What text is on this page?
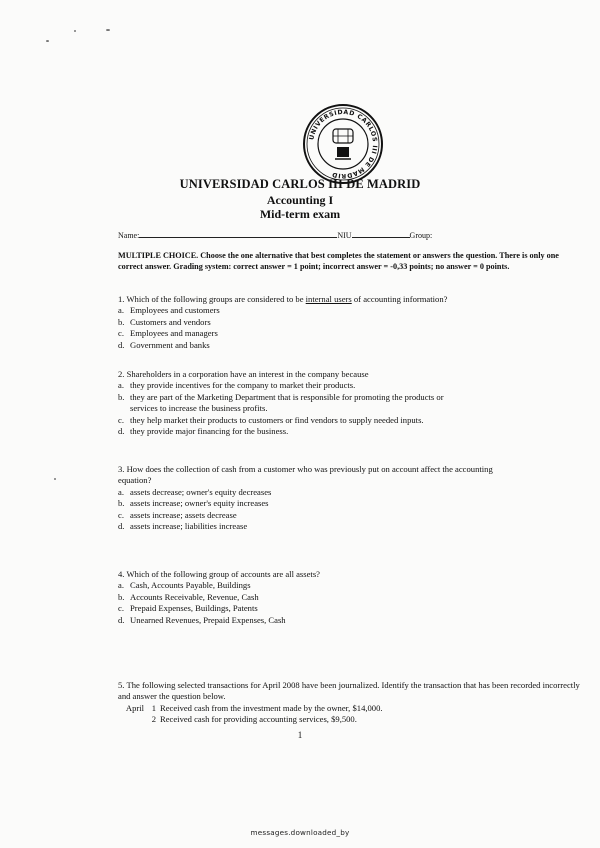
UNIVERSIDAD CARLOS III DE MADRID
UNIVERSIDAD CARLOS III DE MADRID
Accounting I
Mid-term exam
Name:	NIU	Group:
MULTIPLE CHOICE. Choose the one alternative that best completes the statement or answers the question. There is only one correct answer. Grading system: correct answer = 1 point; incorrect answer = -0,33 points; no answer = 0 points.

1. Which of the following groups are considered to be internal users of accounting information?

a. Employees and customers
b. Customers and vendors
c. Employees and managers
d. Government and banks

2. Shareholders in a corporation have an interest in the company because

a. they provide incentives for the company to market their products.
b. they are part of the Marketing Department that is responsible for promoting the products or services to increase the business profits.
c. they help market their products to customers or find vendors to supply needed inputs.
d. they provide major financing for the business.

3. How does the collection of cash from a customer who was previously put on account affect the accounting equation?

a. assets decrease; owner's equity decreases
b. assets increase; owner's equity increases
c. assets increase; assets decrease
d. assets increase; liabilities increase

4. Which of the following group of accounts are all assets?

a. Cash, Accounts Payable, Buildings
b. Accounts Receivable, Revenue, Cash
c. Prepaid Expenses, Buildings, Patents
d. Unearned Revenues, Prepaid Expenses, Cash

5. The following selected transactions for April 2008 have been journalized. Identify the transaction that has been recorded incorrectly and answer the question below.

April 1 Received cash from the investment made by the owner, $14,000.
2 Received cash for providing accounting services, $9,500.
1
messages.downloaded_by
